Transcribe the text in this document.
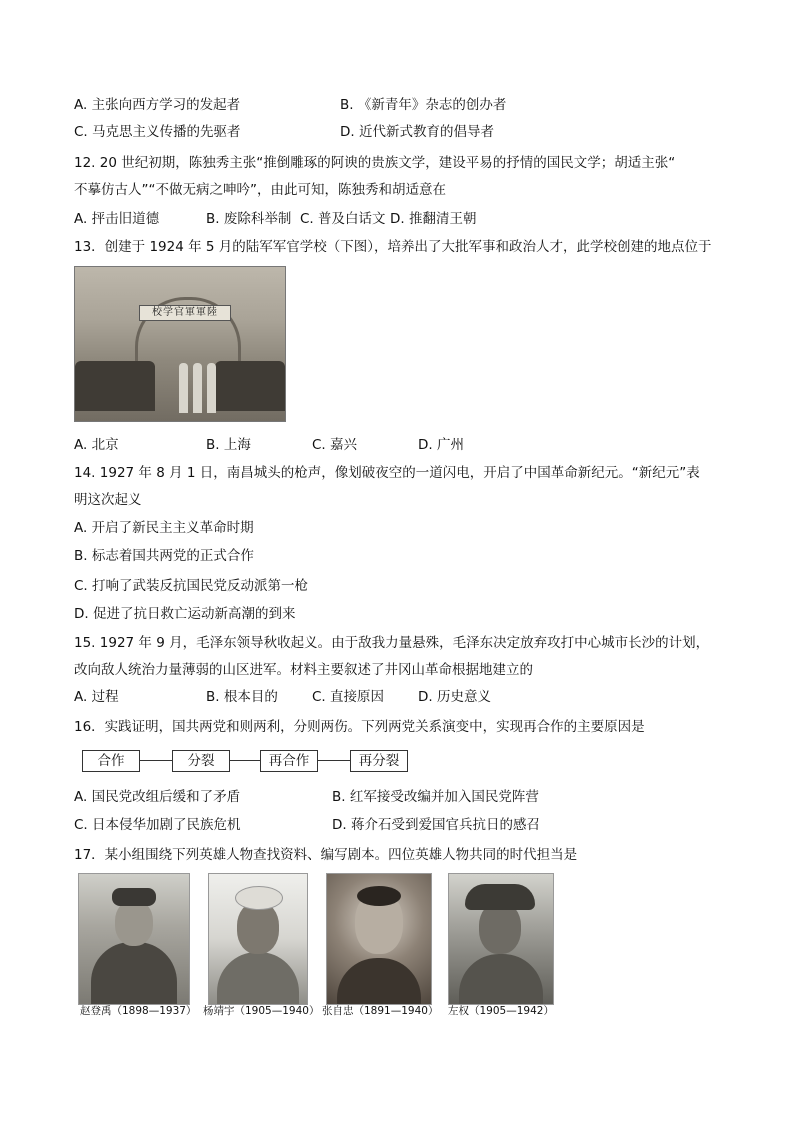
A. 主张向西方学习的发起者	B. 《新青年》杂志的创办者
C. 马克思主义传播的先驱者	D. 近代新式教育的倡导者
12. 20 世纪初期，陈独秀主张“推倒雕琢的阿谀的贵族文学，建设平易的抒情的国民文学；胡适主张“
不摹仿古人”“不做无病之呻吟”，由此可知，陈独秀和胡适意在
A. 抨击旧道德	B. 废除科举制 C. 普及白话文 D. 推翻清王朝
13．创建于 1924 年 5 月的陆军军官学校（下图），培养出了大批军事和政治人才，此学校创建的地点位于
校学官軍軍陸
A. 北京	B. 上海	C. 嘉兴	D. 广州
14. 1927 年 8 月 1 日，南昌城头的枪声，像划破夜空的一道闪电，开启了中国革命新纪元。“新纪元”表
明这次起义
A. 开启了新民主主义革命时期
B. 标志着国共两党的正式合作
C. 打响了武装反抗国民党反动派第一枪
D. 促进了抗日救亡运动新高潮的到来
15. 1927 年 9 月，毛泽东领导秋收起义。由于敌我力量悬殊，毛泽东决定放弃攻打中心城市长沙的计划，
改向敌人统治力量薄弱的山区进军。材料主要叙述了井冈山革命根据地建立的
A. 过程	B. 根本目的	C. 直接原因	D. 历史意义
16．实践证明，国共两党和则两利，分则两伤。下列两党关系演变中，实现再合作的主要原因是
合作	分裂	再合作	再分裂
A. 国民党改组后缓和了矛盾	B. 红军接受改编并加入国民党阵营
C. 日本侵华加剧了民族危机	D. 蒋介石受到爱国官兵抗日的感召
17．某小组围绕下列英雄人物查找资料、编写剧本。四位英雄人物共同的时代担当是
赵登禹（1898—1937） 杨靖宇（1905—1940） 张自忠（1891—1940） 左权（1905—1942）
